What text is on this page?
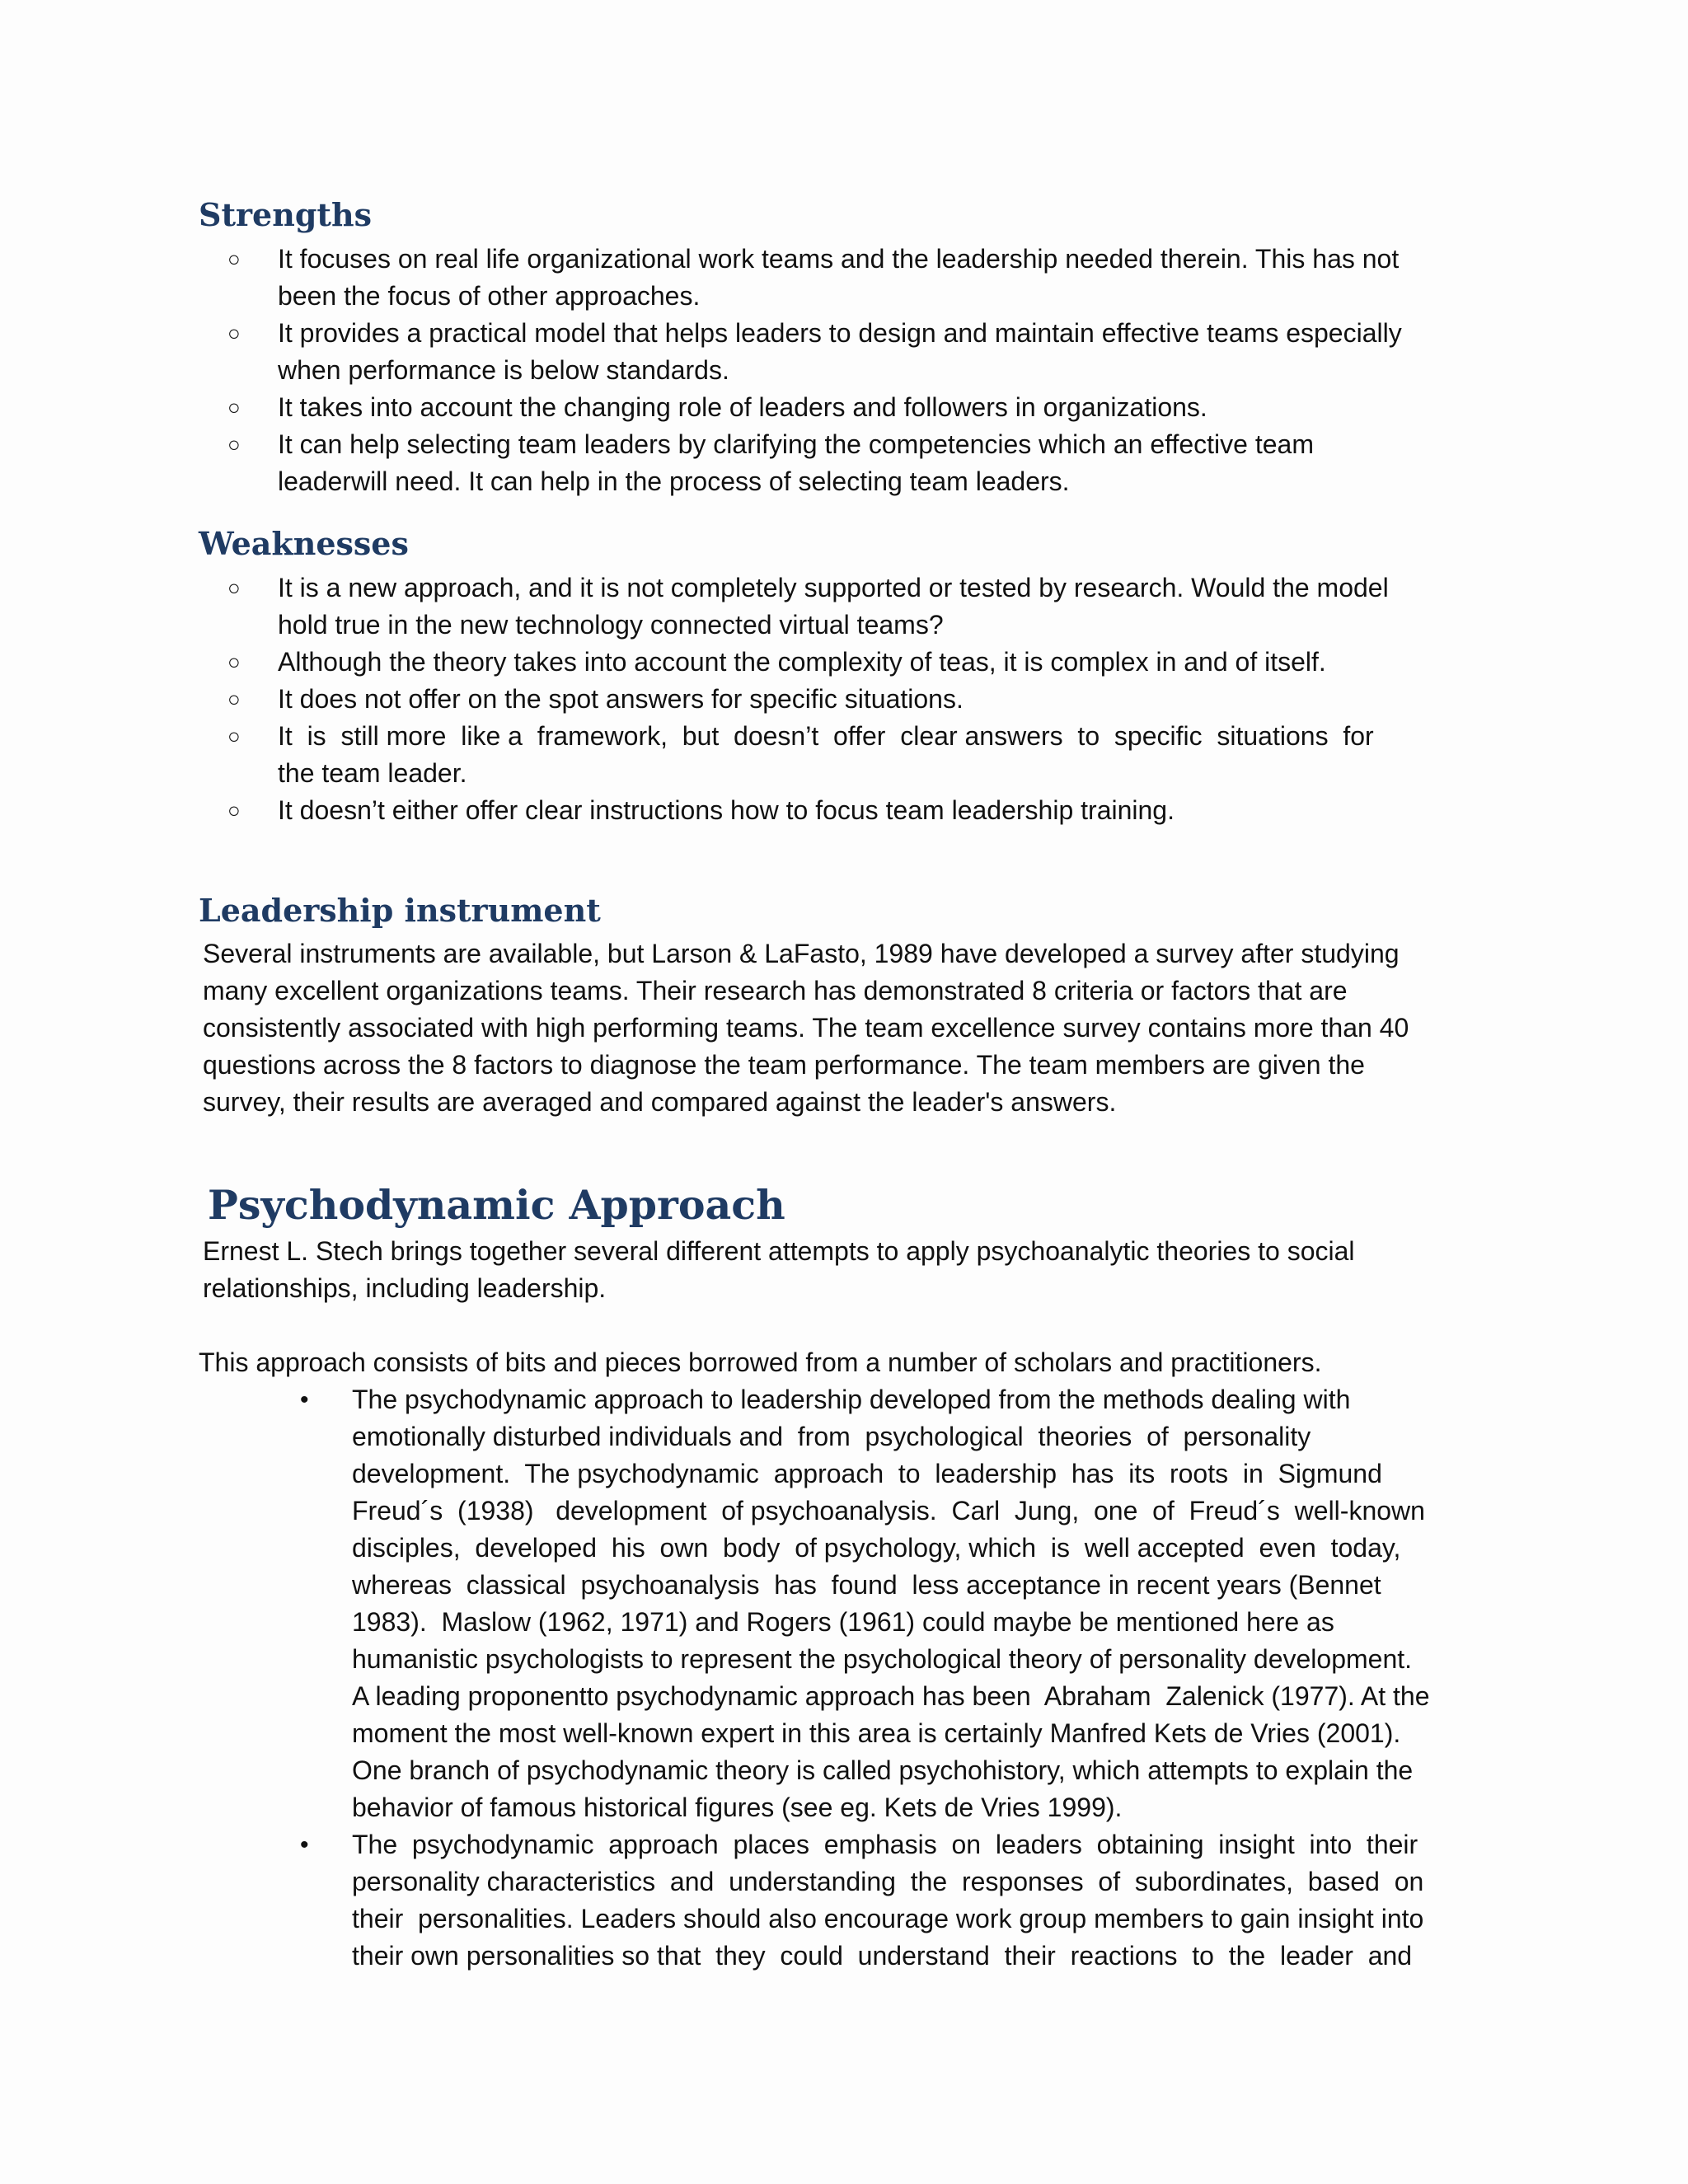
Strengths
○ It focuses on real life organizational work teams and the leadership needed therein. This has not
been the focus of other approaches.
○ It provides a practical model that helps leaders to design and maintain effective teams especially
when performance is below standards.
○ It takes into account the changing role of leaders and followers in organizations.
○ It can help selecting team leaders by clarifying the competencies which an effective team
leaderwill need. It can help in the process of selecting team leaders.
Weaknesses
○ It is a new approach, and it is not completely supported or tested by research. Would the model
hold true in the new technology connected virtual teams?
○ Although the theory takes into account the complexity of teas, it is complex in and of itself.
○ It does not offer on the spot answers for specific situations.
○ It  is  still more  like a  framework,  but  doesn’t  offer  clear answers  to  specific  situations  for
the team leader.
○ It doesn’t either offer clear instructions how to focus team leadership training.
Leadership instrument
Several instruments are available, but Larson & LaFasto, 1989 have developed a survey after studying
many excellent organizations teams. Their research has demonstrated 8 criteria or factors that are
consistently associated with high performing teams. The team excellence survey contains more than 40
questions across the 8 factors to diagnose the team performance. The team members are given the
survey, their results are averaged and compared against the leader's answers.
Psychodynamic Approach
Ernest L. Stech brings together several different attempts to apply psychoanalytic theories to social
relationships, including leadership.
This approach consists of bits and pieces borrowed from a number of scholars and practitioners.
• The psychodynamic approach to leadership developed from the methods dealing with
emotionally disturbed individuals and  from  psychological  theories  of  personality
development.  The psychodynamic  approach  to  leadership  has  its  roots  in  Sigmund
Freud´s  (1938)   development  of psychoanalysis.  Carl  Jung,  one  of  Freud´s  well-known
disciples,  developed  his  own  body  of psychology, which  is  well accepted  even  today,
whereas  classical  psychoanalysis  has  found  less acceptance in recent years (Bennet
1983).  Maslow (1962, 1971) and Rogers (1961) could maybe be mentioned here as
humanistic psychologists to represent the psychological theory of personality development.
A leading proponentto psychodynamic approach has been  Abraham  Zalenick (1977). At the
moment the most well-known expert in this area is certainly Manfred Kets de Vries (2001).
One branch of psychodynamic theory is called psychohistory, which attempts to explain the
behavior of famous historical figures (see eg. Kets de Vries 1999).
• The  psychodynamic  approach  places  emphasis  on  leaders  obtaining  insight  into  their
personality characteristics  and  understanding  the  responses  of  subordinates,  based  on
their  personalities. Leaders should also encourage work group members to gain insight into
their own personalities so that  they  could  understand  their  reactions  to  the  leader  and
